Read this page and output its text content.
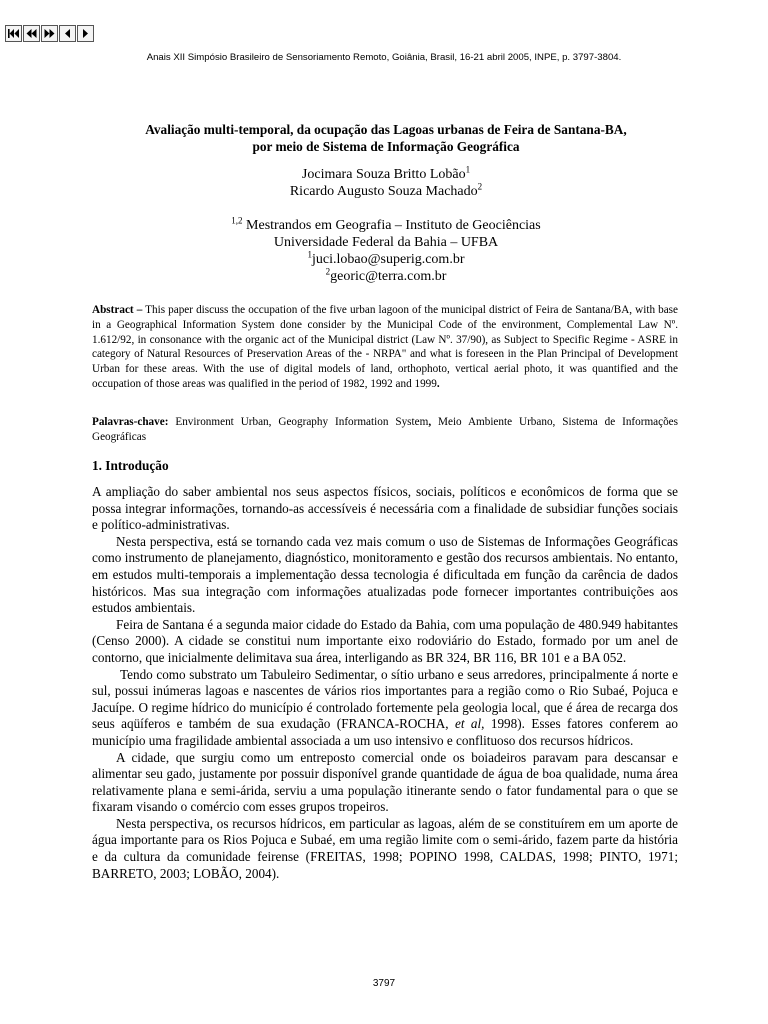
Anais XII Simpósio Brasileiro de Sensoriamento Remoto, Goiânia, Brasil, 16-21 abril 2005, INPE, p. 3797-3804.
Avaliação multi-temporal, da ocupação das Lagoas urbanas de Feira de Santana-BA,
por meio de Sistema de Informação Geográfica
Jocimara Souza Britto Lobão$^1$
Ricardo Augusto Souza Machado$^2$
$^{1,2}$ Mestrandos em Geografia – Instituto de Geociências
Universidade Federal da Bahia – UFBA
$^1$juci.lobao@superig.com.br
$^2$georic@terra.com.br

Abstract – This paper discuss the occupation of the five urban lagoon of the municipal district of Feira de Santana/BA, with base in a Geographical Information System done consider by the Municipal Code of the environment, Complemental Law Nº. 1.612/92, in consonance with the organic act of the Municipal district (Law Nº. 37/90), as Subject to Specific Regime - ASRE in category of Natural Resources of Preservation Areas of the - NRPA" and what is foreseen in the Plan Principal of Development Urban for these areas. With the use of digital models of land, orthophoto, vertical aerial photo, it was quantified and the occupation of those areas was qualified in the period of 1982, 1992 and 1999.

Palavras-chave: Environment Urban, Geography Information System, Meio Ambiente Urbano, Sistema de Informações Geográficas

1. Introdução

A ampliação do saber ambiental nos seus aspectos físicos, sociais, políticos e econômicos de forma que se possa integrar informações, tornando-as accessíveis é necessária com a finalidade de subsidiar funções sociais e político-administrativas.

Nesta perspectiva, está se tornando cada vez mais comum o uso de Sistemas de Informações Geográficas como instrumento de planejamento, diagnóstico, monitoramento e gestão dos recursos ambientais. No entanto, em estudos multi-temporais a implementação dessa tecnologia é dificultada em função da carência de dados históricos. Mas sua integração com informações atualizadas pode fornecer importantes contribuições aos estudos ambientais.

Feira de Santana é a segunda maior cidade do Estado da Bahia, com uma população de 480.949 habitantes (Censo 2000). A cidade se constitui num importante eixo rodoviário do Estado, formado por um anel de contorno, que inicialmente delimitava sua área, interligando as BR 324, BR 116, BR 101 e a BA 052.

Tendo como substrato um Tabuleiro Sedimentar, o sítio urbano e seus arredores, principalmente á norte e sul, possui inúmeras lagoas e nascentes de vários rios importantes para a região como o Rio Subaé, Pojuca e Jacuípe. O regime hídrico do município é controlado fortemente pela geologia local, que é área de recarga dos seus aqüíferos e também de sua exudação (FRANCA-ROCHA, et al, 1998). Esses fatores conferem ao município uma fragilidade ambiental associada a um uso intensivo e conflituoso dos recursos hídricos.

A cidade, que surgiu como um entreposto comercial onde os boiadeiros paravam para descansar e alimentar seu gado, justamente por possuir disponível grande quantidade de água de boa qualidade, numa área relativamente plana e semi-árida, serviu a uma população itinerante sendo o fator fundamental para o que se fixaram visando o comércio com esses grupos tropeiros.

Nesta perspectiva, os recursos hídricos, em particular as lagoas, além de se constituírem em um aporte de água importante para os Rios Pojuca e Subaé, em uma região limite com o semi-árido, fazem parte da história e da cultura da comunidade feirense (FREITAS, 1998; POPINO 1998, CALDAS, 1998; PINTO, 1971; BARRETO, 2003; LOBÃO, 2004).

3797
